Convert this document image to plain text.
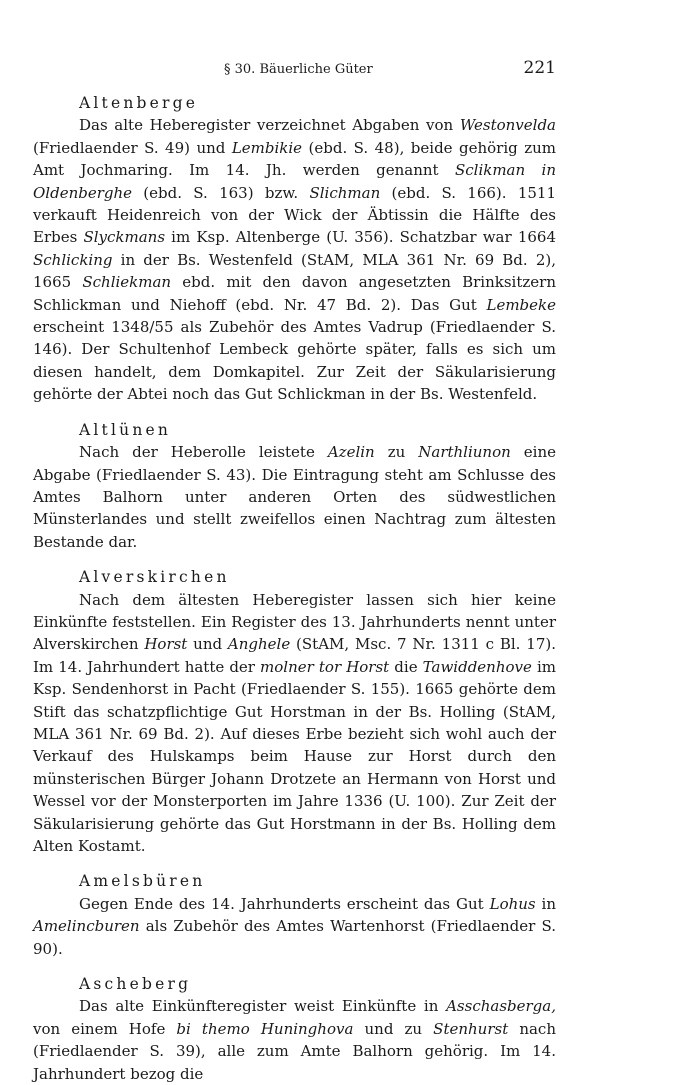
§ 30. Bäuerliche Güter	221
Altenberge

Das alte Heberegister verzeichnet Abgaben von Westonvelda (Friedlaender S. 49) und Lembikie (ebd. S. 48), beide gehörig zum Amt Jochmaring. Im 14. Jh. werden genannt Sclikman in Oldenberghe (ebd. S. 163) bzw. Slichman (ebd. S. 166). 1511 verkauft Heidenreich von der Wick der Äbtissin die Hälfte des Erbes Slyckmans im Ksp. Altenberge (U. 356). Schatzbar war 1664 Schlicking in der Bs. Westenfeld (StAM, MLA 361 Nr. 69 Bd. 2), 1665 Schliekman ebd. mit den davon angesetzten Brinksitzern Schlickman und Niehoff (ebd. Nr. 47 Bd. 2). Das Gut Lembeke erscheint 1348/55 als Zubehör des Amtes Vadrup (Friedlaender S. 146). Der Schultenhof Lembeck gehörte später, falls es sich um diesen handelt, dem Domkapitel. Zur Zeit der Säkularisierung gehörte der Abtei noch das Gut Schlickman in der Bs. Westenfeld.

Altlünen

Nach der Heberolle leistete Azelin zu Narthliunon eine Abgabe (Friedlaender S. 43). Die Eintragung steht am Schlusse des Amtes Balhorn unter anderen Orten des südwestlichen Münsterlandes und stellt zweifellos einen Nachtrag zum ältesten Bestande dar.

Alverskirchen

Nach dem ältesten Heberegister lassen sich hier keine Einkünfte feststellen. Ein Register des 13. Jahrhunderts nennt unter Alverskirchen Horst und Anghele (StAM, Msc. 7 Nr. 1311 c Bl. 17). Im 14. Jahrhundert hatte der molner tor Horst die Tawiddenhove im Ksp. Sendenhorst in Pacht (Friedlaender S. 155). 1665 gehörte dem Stift das schatzpflichtige Gut Horstman in der Bs. Holling (StAM, MLA 361 Nr. 69 Bd. 2). Auf dieses Erbe bezieht sich wohl auch der Verkauf des Hulskamps beim Hause zur Horst durch den münsterischen Bürger Johann Drotzete an Hermann von Horst und Wessel vor der Monsterporten im Jahre 1336 (U. 100). Zur Zeit der Säkularisierung gehörte das Gut Horstmann in der Bs. Holling dem Alten Kostamt.

Amelsbüren

Gegen Ende des 14. Jahrhunderts erscheint das Gut Lohus in Amelincburen als Zubehör des Amtes Wartenhorst (Friedlaender S. 90).

Ascheberg

Das alte Einkünfteregister weist Einkünfte in Asschasberga, von einem Hofe bi themo Huninghova und zu Stenhurst nach (Friedlaender S. 39), alle zum Amte Balhorn gehörig. Im 14. Jahrhundert bezog die
